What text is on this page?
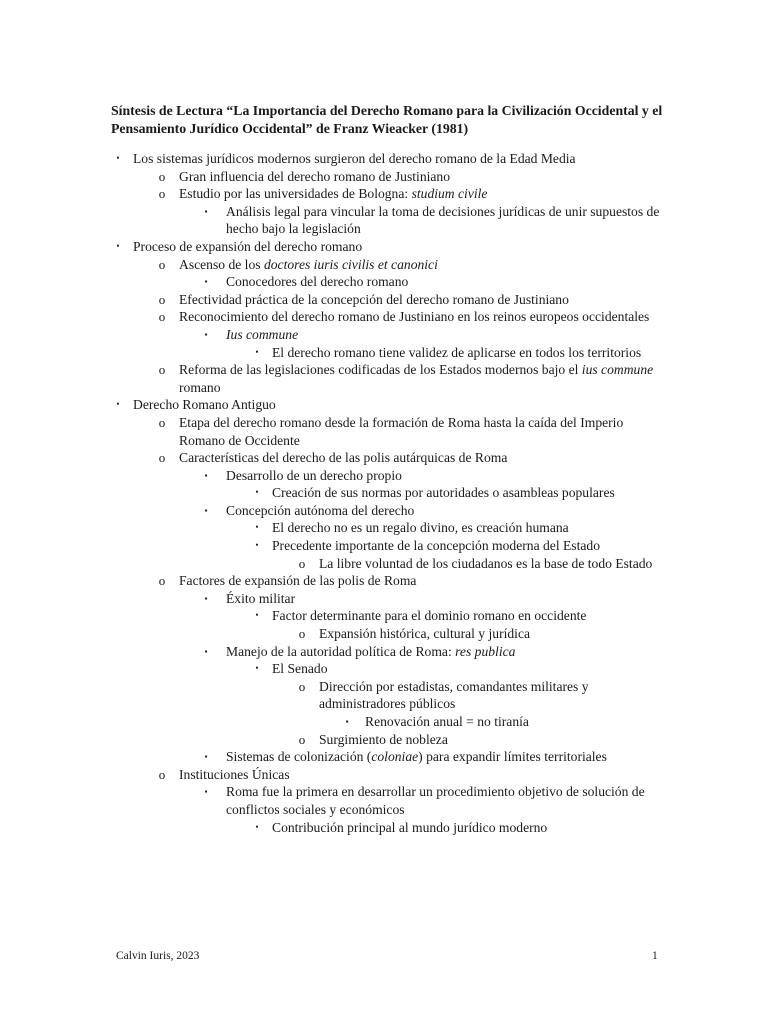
Síntesis de Lectura “La Importancia del Derecho Romano para la Civilización Occidental y el Pensamiento Jurídico Occidental” de Franz Wieacker (1981)
• Los sistemas jurídicos modernos surgieron del derecho romano de la Edad Media
o Gran influencia del derecho romano de Justiniano
o Estudio por las universidades de Bologna: studium civile
▪	Análisis legal para vincular la toma de decisiones jurídicas de unir supuestos de hecho bajo la legislación
• Proceso de expansión del derecho romano
o Ascenso de los doctores iuris civilis et canonici
▪	Conocedores del derecho romano
o Efectividad práctica de la concepción del derecho romano de Justiniano
o Reconocimiento del derecho romano de Justiniano en los reinos europeos occidentales
▪	Ius commune
• El derecho romano tiene validez de aplicarse en todos los territorios
o Reforma de las legislaciones codificadas de los Estados modernos bajo el ius commune romano
• Derecho Romano Antiguo
o Etapa del derecho romano desde la formación de Roma hasta la caída del Imperio Romano de Occidente
o Características del derecho de las polis autárquicas de Roma
▪	Desarrollo de un derecho propio
• Creación de sus normas por autoridades o asambleas populares
▪	Concepción autónoma del derecho
• El derecho no es un regalo divino, es creación humana
• Precedente importante de la concepción moderna del Estado
o La libre voluntad de los ciudadanos es la base de todo Estado
o Factores de expansión de las polis de Roma
▪	Éxito militar
• Factor determinante para el dominio romano en occidente
o Expansión histórica, cultural y jurídica
▪	Manejo de la autoridad política de Roma: res publica
• El Senado
o Dirección por estadistas, comandantes militares y administradores públicos
▪	Renovación anual = no tiranía
o Surgimiento de nobleza
▪	Sistemas de colonización (coloniae) para expandir límites territoriales
o Instituciones Únicas
▪	Roma fue la primera en desarrollar un procedimiento objetivo de solución de conflictos sociales y económicos
• Contribución principal al mundo jurídico moderno
Calvin Iuris, 2023	1
